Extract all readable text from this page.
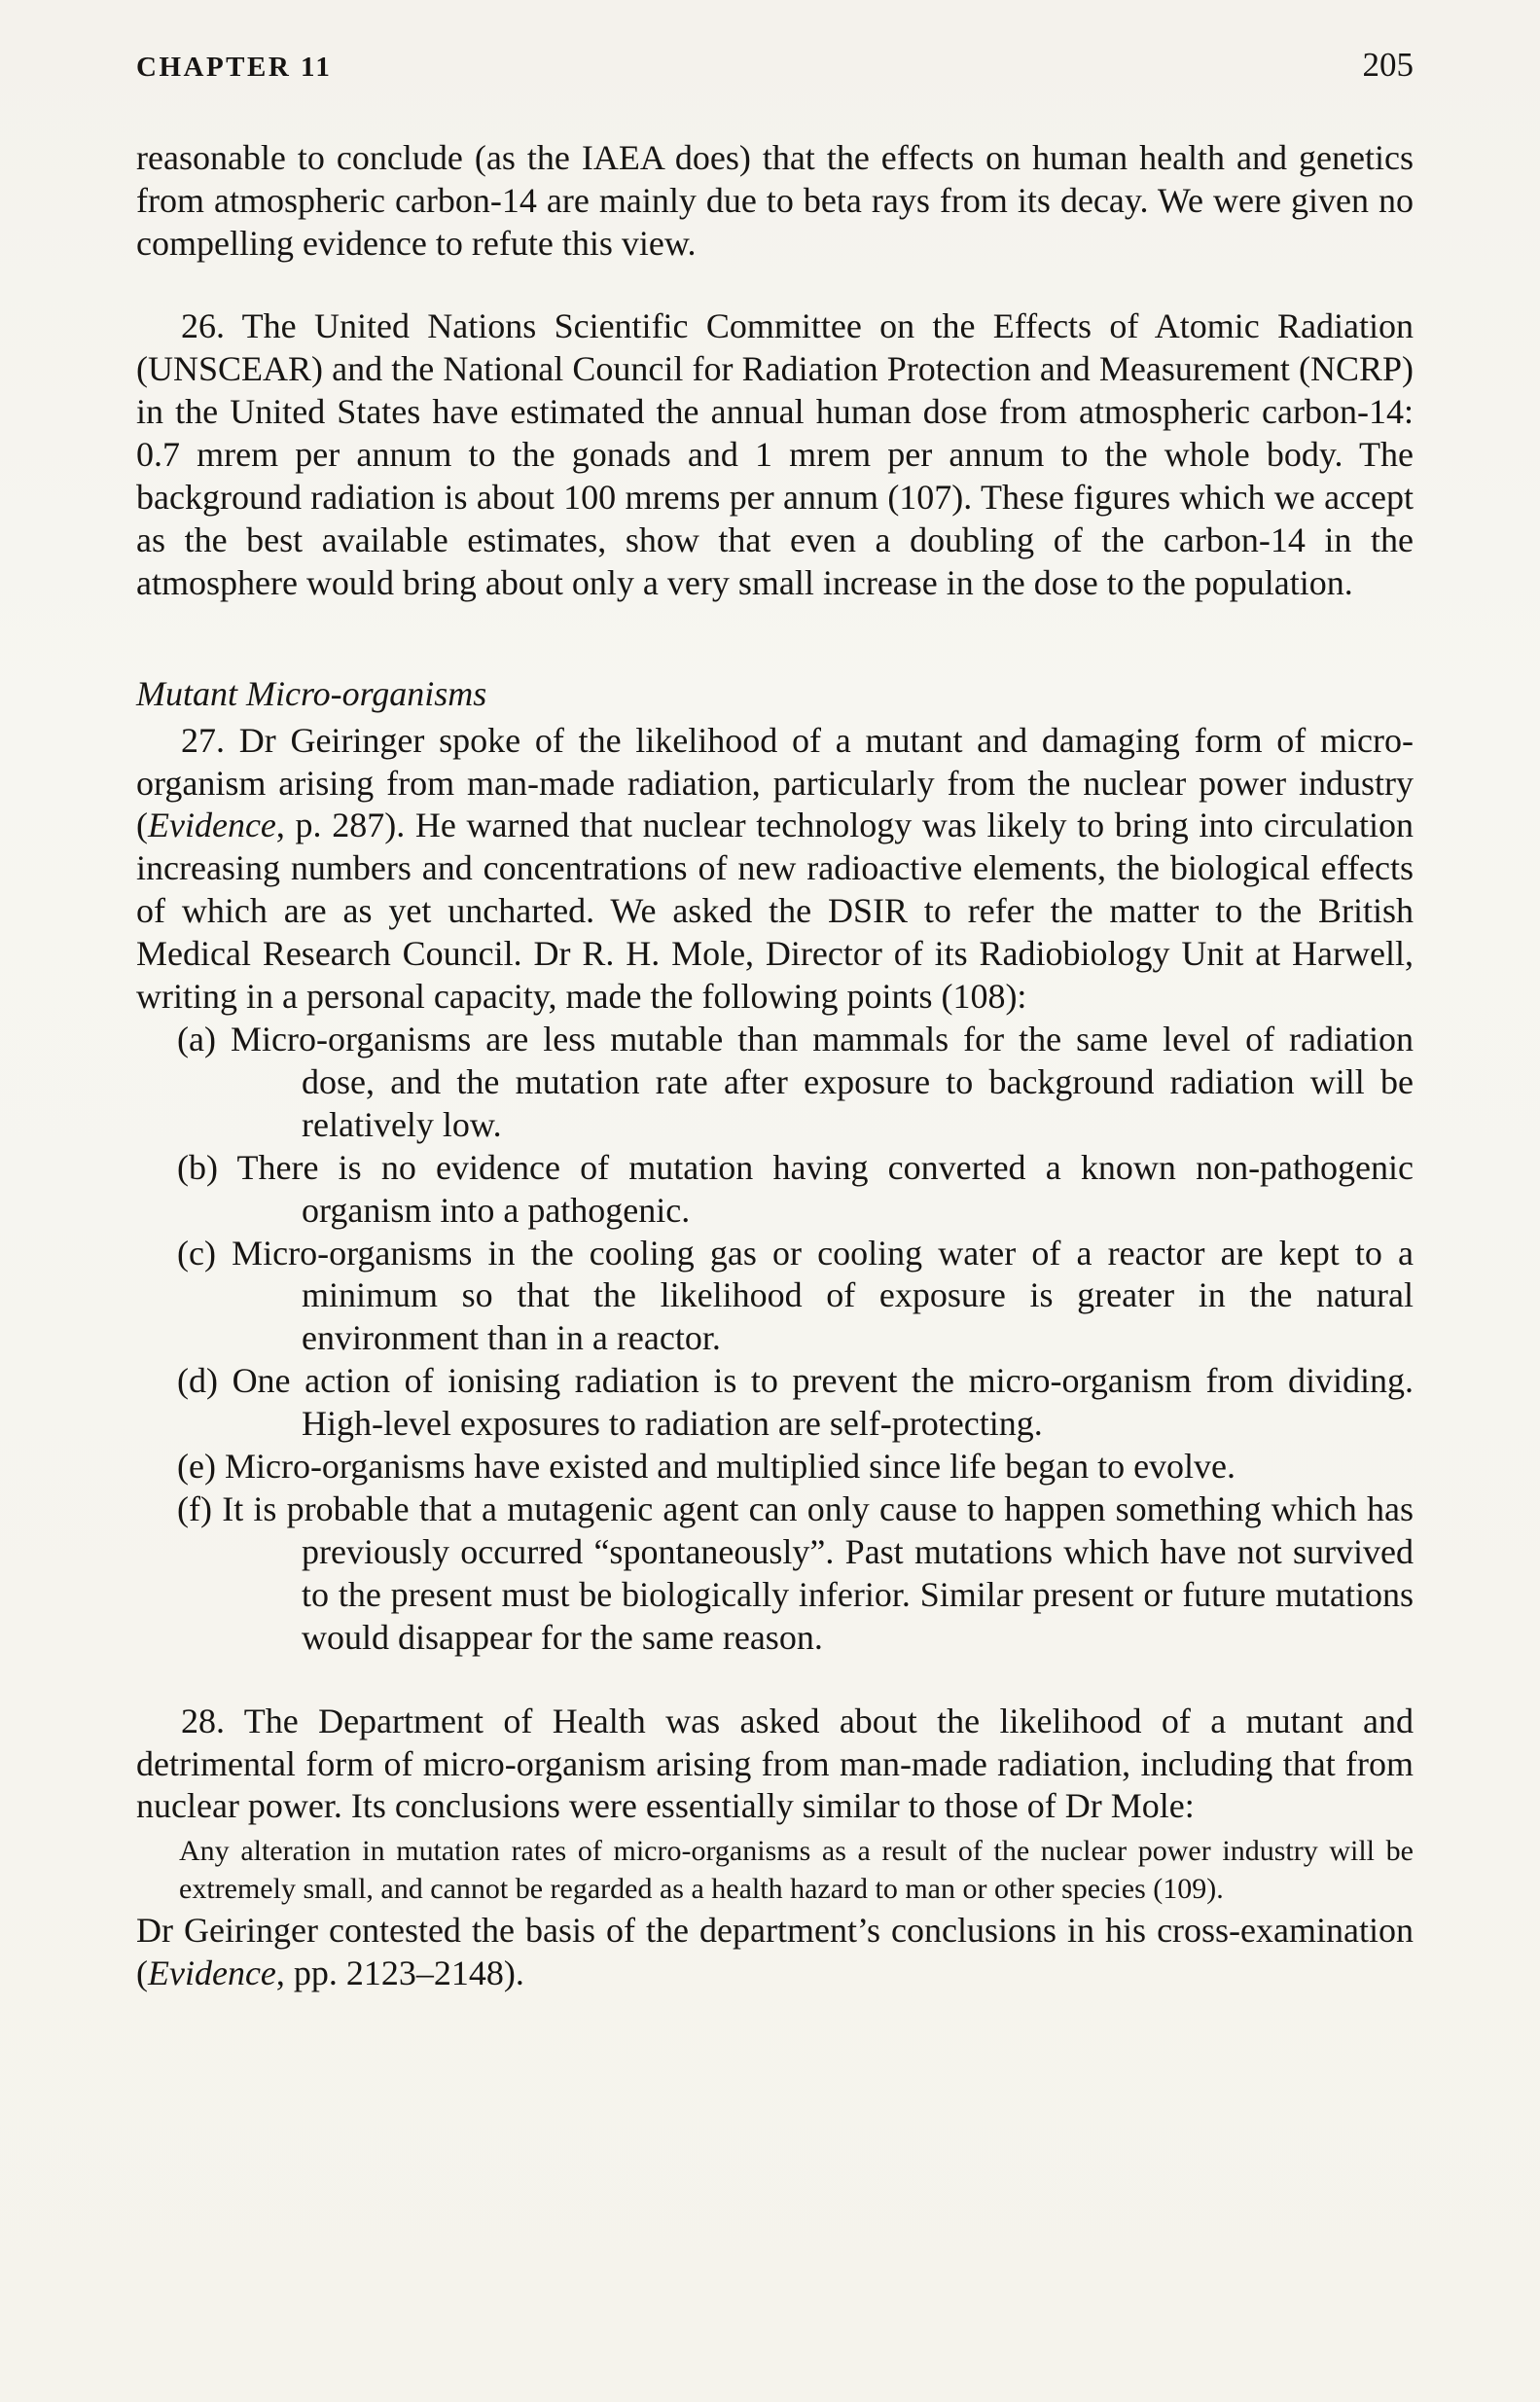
CHAPTER 11	205

reasonable to conclude (as the IAEA does) that the effects on human health and genetics from atmospheric carbon-14 are mainly due to beta rays from its decay. We were given no compelling evidence to refute this view.

26. The United Nations Scientific Committee on the Effects of Atomic Radiation (UNSCEAR) and the National Council for Radiation Protection and Measurement (NCRP) in the United States have estimated the annual human dose from atmospheric carbon-14: 0.7 mrem per annum to the gonads and 1 mrem per annum to the whole body. The background radiation is about 100 mrems per annum (107). These figures which we accept as the best available estimates, show that even a doubling of the carbon-14 in the atmosphere would bring about only a very small increase in the dose to the population.

Mutant Micro-organisms

27. Dr Geiringer spoke of the likelihood of a mutant and damaging form of micro-organism arising from man-made radiation, particularly from the nuclear power industry (Evidence, p. 287). He warned that nuclear technology was likely to bring into circulation increasing numbers and concentrations of new radioactive elements, the biological effects of which are as yet uncharted. We asked the DSIR to refer the matter to the British Medical Research Council. Dr R. H. Mole, Director of its Radiobiology Unit at Harwell, writing in a personal capacity, made the following points (108):

(a) Micro-organisms are less mutable than mammals for the same level of radiation dose, and the mutation rate after exposure to background radiation will be relatively low.

(b) There is no evidence of mutation having converted a known non-pathogenic organism into a pathogenic.

(c) Micro-organisms in the cooling gas or cooling water of a reactor are kept to a minimum so that the likelihood of exposure is greater in the natural environment than in a reactor.

(d) One action of ionising radiation is to prevent the micro-organism from dividing. High-level exposures to radiation are self-protecting.

(e) Micro-organisms have existed and multiplied since life began to evolve.

(f) It is probable that a mutagenic agent can only cause to happen something which has previously occurred “spontaneously”. Past mutations which have not survived to the present must be biologically inferior. Similar present or future mutations would disappear for the same reason.

28. The Department of Health was asked about the likelihood of a mutant and detrimental form of micro-organism arising from man-made radiation, including that from nuclear power. Its conclusions were essentially similar to those of Dr Mole:

Any alteration in mutation rates of micro-organisms as a result of the nuclear power industry will be extremely small, and cannot be regarded as a health hazard to man or other species (109).

Dr Geiringer contested the basis of the department’s conclusions in his cross-examination (Evidence, pp. 2123–2148).
